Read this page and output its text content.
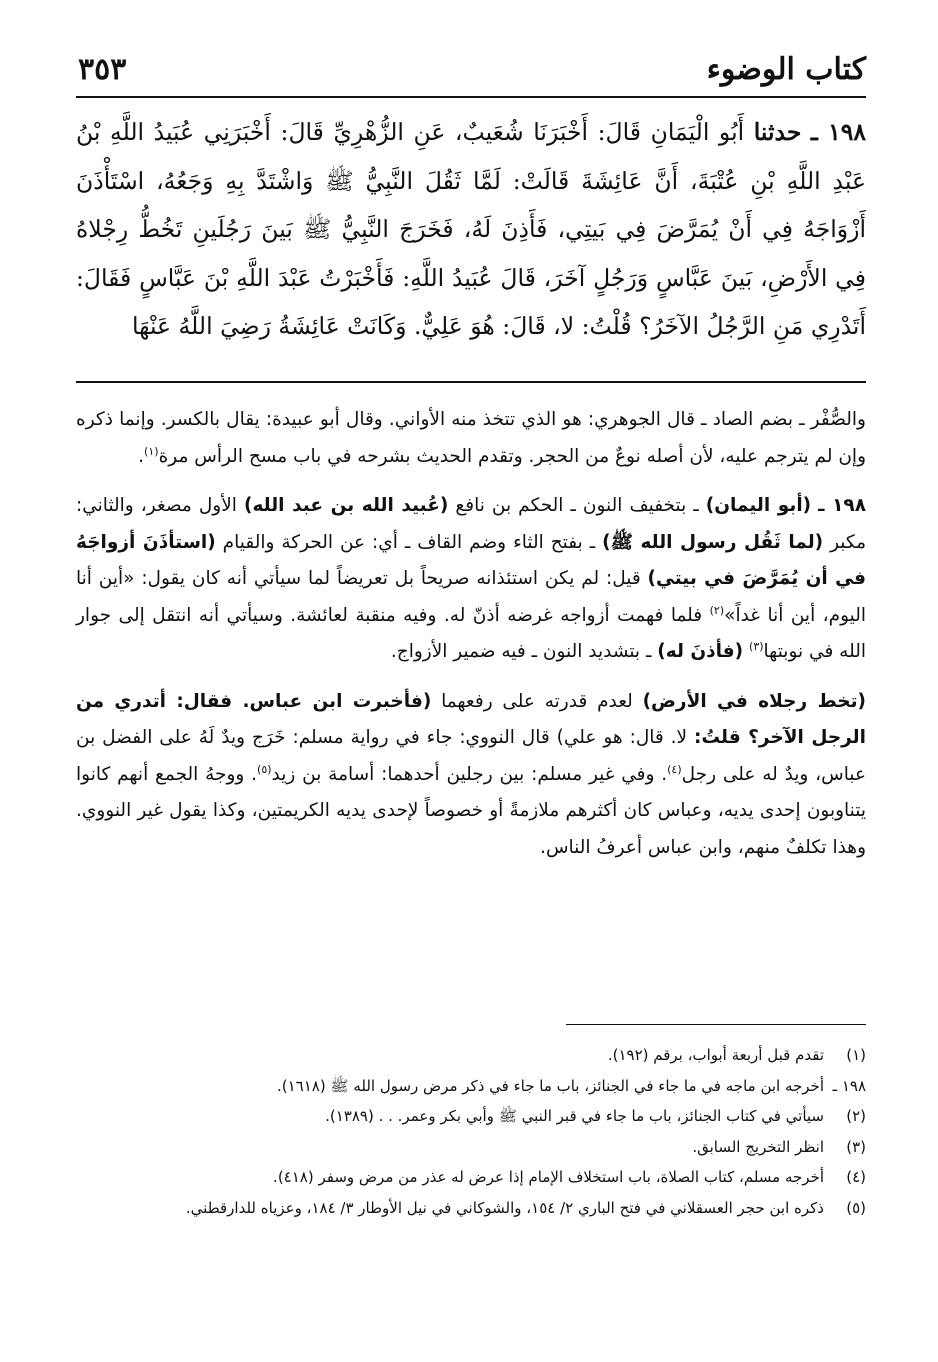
كتاب الوضوء
٣٥٣
١٩٨ ـ حدثنا أَبُو الْيَمَانِ قَالَ: أَخْبَرَنَا شُعَيبٌ، عَنِ الزُّهْرِيِّ قَالَ: أَخْبَرَنِي عُبَيدُ اللَّهِ بْنُ عَبْدِ اللَّهِ بْنِ عُتْبَةَ، أَنَّ عَائِشَةَ قَالَتْ: لَمَّا ثَقُلَ النَّبِيُّ ﷺ وَاشْتَدَّ بِهِ وَجَعُهُ، اسْتَأْذَنَ أَزْوَاجَهُ فِي أَنْ يُمَرَّضَ فِي بَيتِي، فَأَذِنَ لَهُ، فَخَرَجَ النَّبِيُّ ﷺ بَينَ رَجُلَينِ تَخُطُّ رِجْلاهُ فِي الأَرْضِ، بَينَ عَبَّاسٍ وَرَجُلٍ آخَرَ، قَالَ عُبَيدُ اللَّهِ: فَأَخْبَرْتُ عَبْدَ اللَّهِ بْنَ عَبَّاسٍ فَقَالَ: أَتَدْرِي مَنِ الرَّجُلُ الآخَرُ؟ قُلْتُ: لا، قَالَ: هُوَ عَلِيٌّ. وَكَانَتْ عَائِشَةُ رَضِيَ اللَّهُ عَنْهَا

والصُّفْر ـ بضم الصاد ـ قال الجوهري: هو الذي تتخذ منه الأواني. وقال أبو عبيدة: يقال بالكسر. وإنما ذكره وإن لم يترجم عليه، لأن أصله نوعٌ من الحجر. وتقدم الحديث بشرحه في باب مسح الرأس مرة$^{(١)}$.

١٩٨ ـ (أبو اليمان) ـ بتخفيف النون ـ الحكم بن نافع (عُبيد الله بن عبد الله) الأول مصغر، والثاني: مكبر (لما ثَقُل رسول الله ﷺ) ـ بفتح الثاء وضم القاف ـ أي: عن الحركة والقيام (استأذَنَ أزواجَهُ في أن يُمَرَّضَ في بيتي) قيل: لم يكن استئذانه صريحاً بل تعريضاً لما سيأتي أنه كان يقول: «أين أنا اليوم، أين أنا غداً»$^{(٢)}$ فلما فهمت أزواجه غرضه أذنّ له. وفيه منقبة لعائشة. وسيأتي أنه انتقل إلى جوار الله في نوبتها$^{(٣)}$ (فأذنَ له) ـ بتشديد النون ـ فيه ضمير الأزواج.

(تخط رجلاه في الأرض) لعدم قدرته على رفعهما (فأخبرت ابن عباس. فقال: أتدري من الرجل الآخر؟ قلتُ: لا. قال: هو علي) قال النووي: جاء في رواية مسلم: خَرَج ويدٌ لَهُ على الفضل بن عباس، ويدٌ له على رجل$^{(٤)}$. وفي غير مسلم: بين رجلين أحدهما: أسامة بن زيد$^{(٥)}$. ووجهُ الجمع أنهم كانوا يتناوبون إحدى يديه، وعباس كان أكثرهم ملازمةً أو خصوصاً لإحدى يديه الكريمتين، وكذا يقول غير النووي. وهذا تكلفٌ منهم، وابن عباس أعرفُ الناس.

(١)
تقدم قبل أربعة أبواب، برقم (١٩٢).
١٩٨ ـ
أخرجه ابن ماجه في ما جاء في الجنائز، باب ما جاء في ذكر مرض رسول الله ﷺ (١٦١٨).
(٢)
سيأتي في كتاب الجنائز، باب ما جاء في قبر النبي ﷺ وأبي بكر وعمر. . . (١٣٨٩).
(٣)
انظر التخريج السابق.
(٤)
أخرجه مسلم، كتاب الصلاة، باب استخلاف الإمام إذا عرض له عذر من مرض وسفر (٤١٨).
(٥)
ذكره ابن حجر العسقلاني في فتح الباري ٢/ ١٥٤، والشوكاني في نيل الأوطار ٣/ ١٨٤، وعزياه للدارقطني.
